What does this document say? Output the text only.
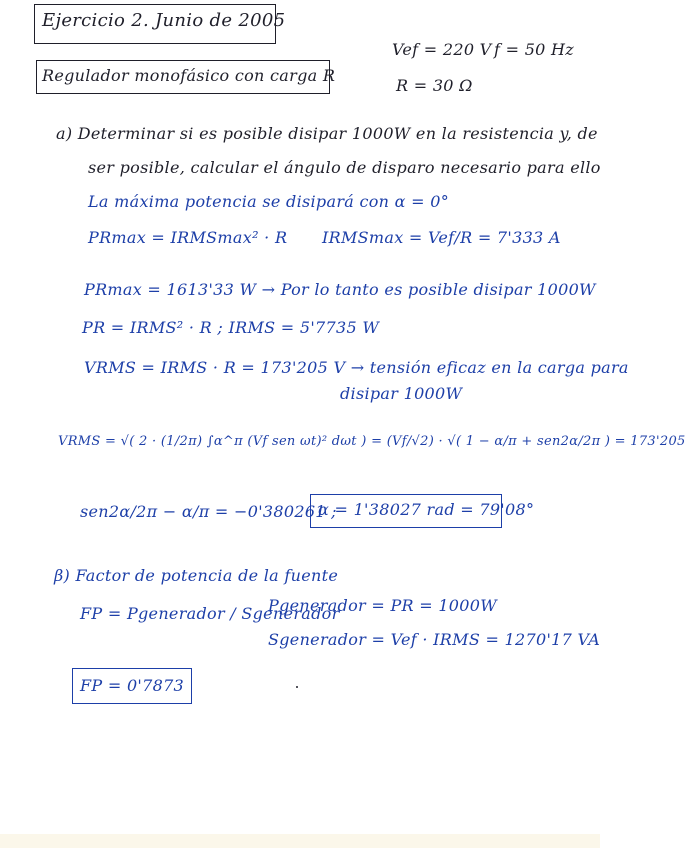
Ejercicio 2. Junio de 2005
Regulador monofásico con carga R
Vef = 220 V f = 50 Hz
R = 30 Ω
a) Determinar si es posible disipar 1000W en la resistencia y, de
ser posible, calcular el ángulo de disparo necesario para ello
La máxima potencia se disipará con α = 0°
PRmax = IRMSmax² · R IRMSmax = Vef/R = 7'333 A
PRmax = 1613'33 W → Por lo tanto es posible disipar 1000W
PR = IRMS² · R ; IRMS = 5'7735 W
VRMS = IRMS · R = 173'205 V → tensión eficaz en la carga para
disipar 1000W
VRMS = √( 2 · (1/2π) ∫α^π (Vf sen ωt)² dωt ) = (Vf/√2) · √( 1 − α/π + sen2α/2π ) = 173'205
sen2α/2π − α/π = −0'380261 ;
α = 1'38027 rad = 79'08°
β) Factor de potencia de la fuente
FP = Pgenerador / Sgenerador
Pgenerador = PR = 1000W
Sgenerador = Vef · IRMS = 1270'17 VA
FP = 0'7873
